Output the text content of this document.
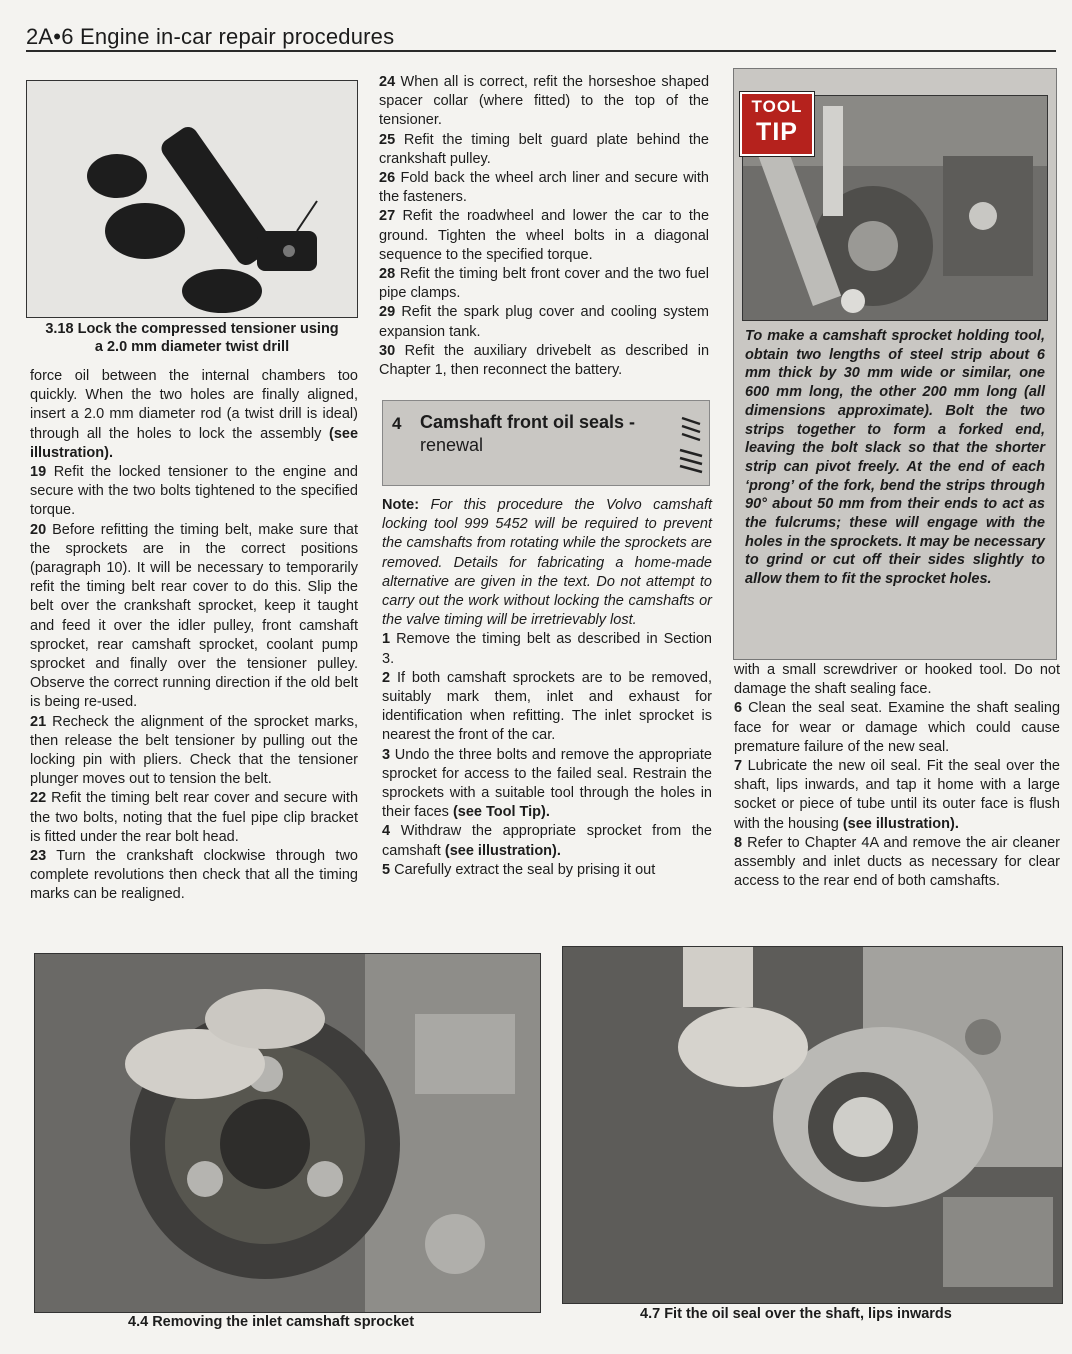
2A•6 Engine in-car repair procedures
3.18 Lock the compressed tensioner using
a 2.0 mm diameter twist drill

force oil between the internal chambers too quickly. When the two holes are finally aligned, insert a 2.0 mm diameter rod (a twist drill is ideal) through all the holes to lock the assembly (see illustration).

19 Refit the locked tensioner to the engine and secure with the two bolts tightened to the specified torque.

20 Before refitting the timing belt, make sure that the sprockets are in the correct positions (paragraph 10). It will be necessary to temporarily refit the timing belt rear cover to do this. Slip the belt over the crankshaft sprocket, keep it taught and feed it over the idler pulley, front camshaft sprocket, rear camshaft sprocket, coolant pump sprocket and finally over the tensioner pulley. Observe the correct running direction if the old belt is being re-used.

21 Recheck the alignment of the sprocket marks, then release the belt tensioner by pulling out the locking pin with pliers. Check that the tensioner plunger moves out to tension the belt.

22 Refit the timing belt rear cover and secure with the two bolts, noting that the fuel pipe clip bracket is fitted under the rear bolt head.

23 Turn the crankshaft clockwise through two complete revolutions then check that all the timing marks can be realigned.

24 When all is correct, refit the horseshoe shaped spacer collar (where fitted) to the top of the tensioner.

25 Refit the timing belt guard plate behind the crankshaft pulley.

26 Fold back the wheel arch liner and secure with the fasteners.

27 Refit the roadwheel and lower the car to the ground. Tighten the wheel bolts in a diagonal sequence to the specified torque.

28 Refit the timing belt front cover and the two fuel pipe clamps.

29 Refit the spark plug cover and cooling system expansion tank.

30 Refit the auxiliary drivebelt as described in Chapter 1, then reconnect the battery.

4 Camshaft front oil seals -
renewal

Note: For this procedure the Volvo camshaft locking tool 999 5452 will be required to prevent the camshafts from rotating while the sprockets are removed. Details for fabricating a home-made alternative are given in the text. Do not attempt to carry out the work without locking the camshafts or the valve timing will be irretrievably lost.

1 Remove the timing belt as described in Section 3.

2 If both camshaft sprockets are to be removed, suitably mark them, inlet and exhaust for identification when refitting. The inlet sprocket is nearest the front of the car.

3 Undo the three bolts and remove the appropriate sprocket for access to the failed seal. Restrain the sprockets with a suitable tool through the holes in their faces (see Tool Tip).

4 Withdraw the appropriate sprocket from the camshaft (see illustration).

5 Carefully extract the seal by prising it out

TOOL
TIP
To make a camshaft sprocket holding tool, obtain two lengths of steel strip about 6 mm thick by 30 mm wide or similar, one 600 mm long, the other 200 mm long (all dimensions approximate). Bolt the two strips together to form a forked end, leaving the bolt slack so that the shorter strip can pivot freely. At the end of each ‘prong’ of the fork, bend the strips through 90° about 50 mm from their ends to act as the fulcrums; these will engage with the holes in the sprockets. It may be necessary to grind or cut off their sides slightly to allow them to fit the sprocket holes.

with a small screwdriver or hooked tool. Do not damage the shaft sealing face.

6 Clean the seal seat. Examine the shaft sealing face for wear or damage which could cause premature failure of the new seal.

7 Lubricate the new oil seal. Fit the seal over the shaft, lips inwards, and tap it home with a large socket or piece of tube until its outer face is flush with the housing (see illustration).

8 Refer to Chapter 4A and remove the air cleaner assembly and inlet ducts as necessary for clear access to the rear end of both camshafts.

4.4 Removing the inlet camshaft sprocket	4.7 Fit the oil seal over the shaft, lips inwards
